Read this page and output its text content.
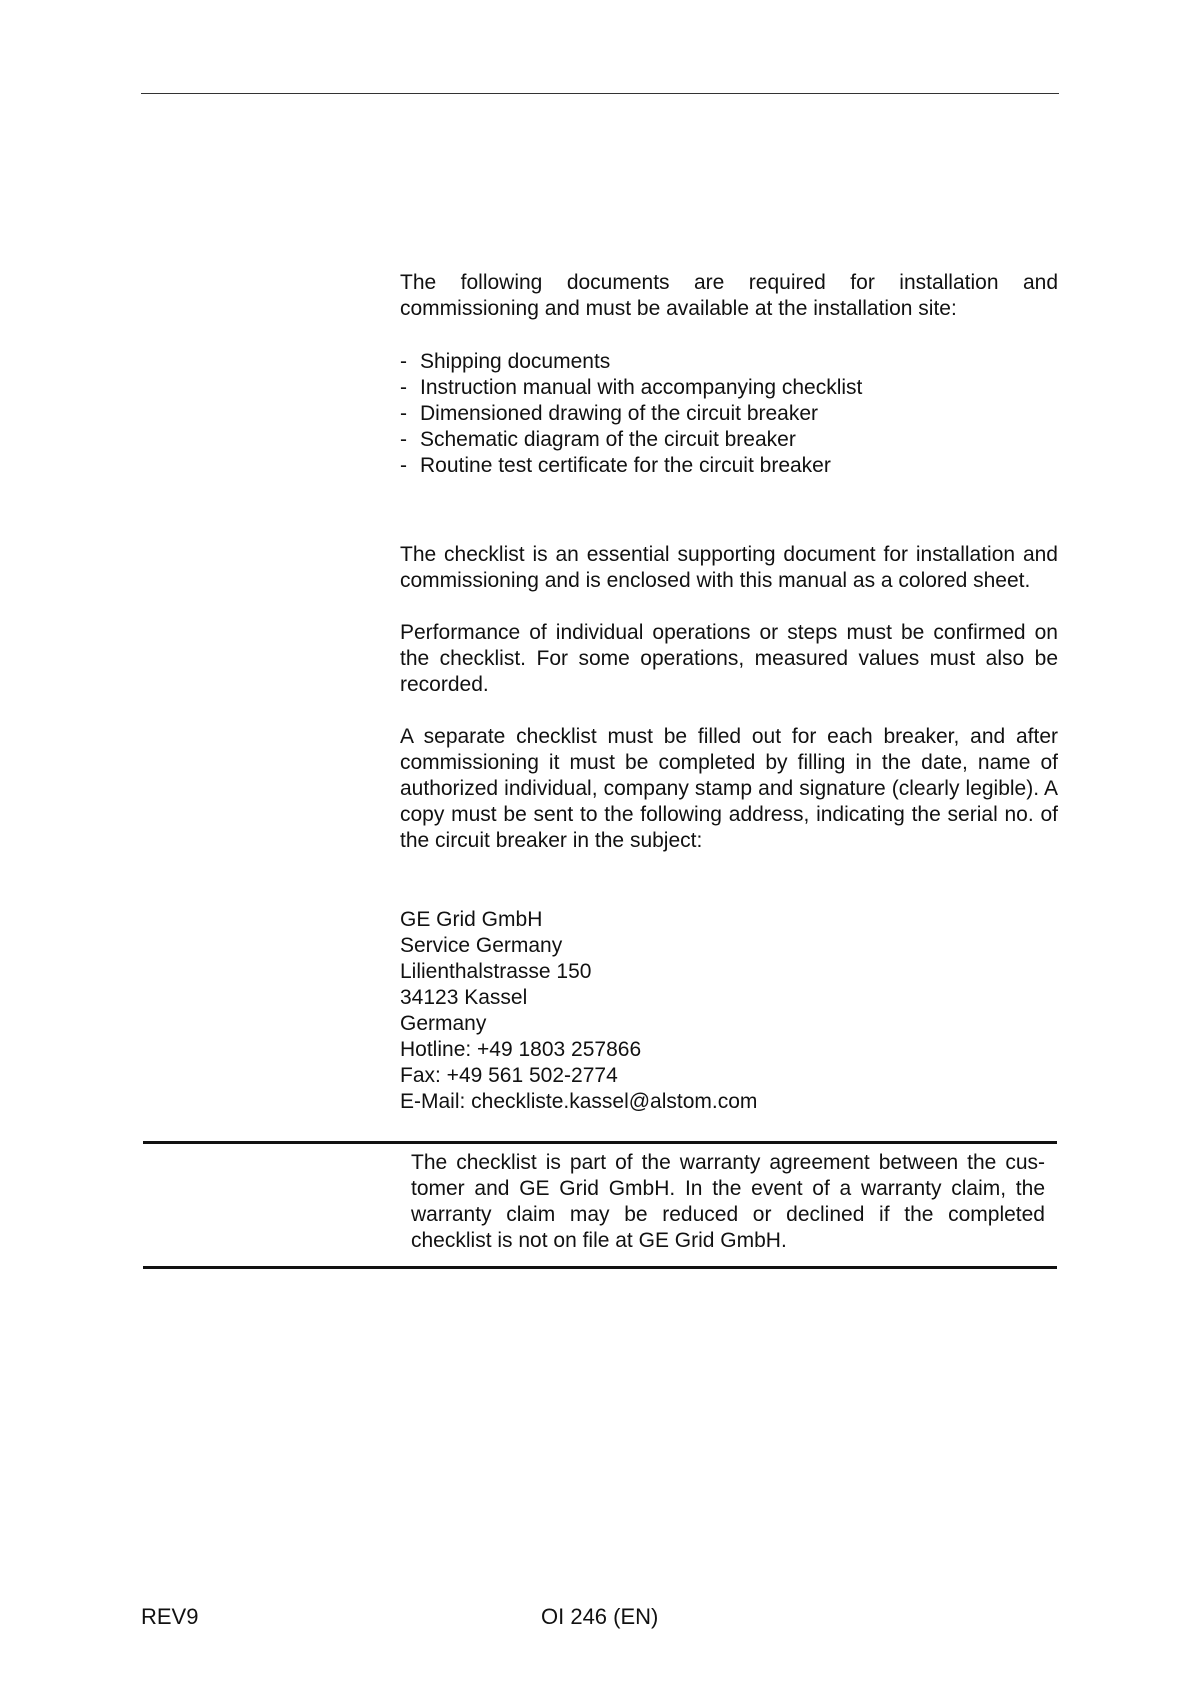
The following documents are required for installation and commissioning and must be available at the installation site:

- Shipping documents
- Instruction manual with accompanying checklist
- Dimensioned drawing of the circuit breaker
- Schematic diagram of the circuit breaker
- Routine test certificate for the circuit breaker

The checklist is an essential supporting document for installation and commissioning and is enclosed with this manual as a colored sheet.

Performance of individual operations or steps must be confirmed on the checklist. For some operations, measured values must also be recorded.

A separate checklist must be filled out for each breaker, and after commissioning it must be completed by filling in the date, name of authorized individual, company stamp and signature (clearly legible). A copy must be sent to the following address, indicating the serial no. of the circuit breaker in the subject:

GE Grid GmbH
Service Germany
Lilienthalstrasse 150
34123 Kassel
Germany
Hotline: +49 1803 257866
Fax: +49 561 502-2774
E-Mail: checkliste.kassel@alstom.com

The checklist is part of the warranty agreement between the cus-tomer and GE Grid GmbH. In the event of a warranty claim, the warranty claim may be reduced or declined if the completed checklist is not on file at GE Grid GmbH.

REV9	OI 246 (EN)
